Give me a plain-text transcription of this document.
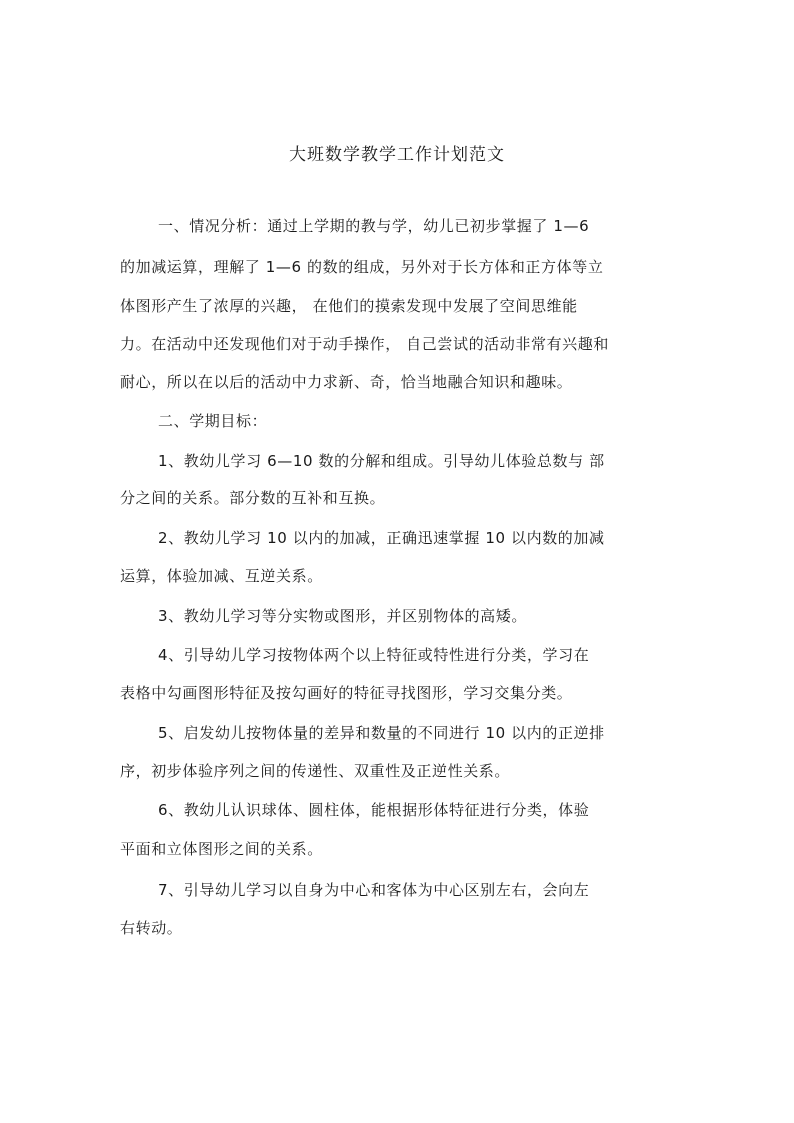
大班数学教学工作计划范文
一、情况分析：通过上学期的教与学，幼儿已初步掌握了 1—6
的加减运算，理解了 1—6 的数的组成，另外对于长方体和正方体等立
体图形产生了浓厚的兴趣， 在他们的摸索发现中发展了空间思维能
力。在活动中还发现他们对于动手操作， 自己尝试的活动非常有兴趣和
耐心，所以在以后的活动中力求新、奇，恰当地融合知识和趣味。
二、学期目标：
1、教幼儿学习 6—10 数的分解和组成。引导幼儿体验总数与 部
分之间的关系。部分数的互补和互换。
2、教幼儿学习 10 以内的加减，正确迅速掌握 10 以内数的加减
运算，体验加减、互逆关系。
3、教幼儿学习等分实物或图形，并区别物体的高矮。
4、引导幼儿学习按物体两个以上特征或特性进行分类，学习在
表格中勾画图形特征及按勾画好的特征寻找图形，学习交集分类。
5、启发幼儿按物体量的差异和数量的不同进行 10 以内的正逆排
序，初步体验序列之间的传递性、双重性及正逆性关系。
6、教幼儿认识球体、圆柱体，能根据形体特征进行分类，体验
平面和立体图形之间的关系。
7、引导幼儿学习以自身为中心和客体为中心区别左右，会向左
右转动。
